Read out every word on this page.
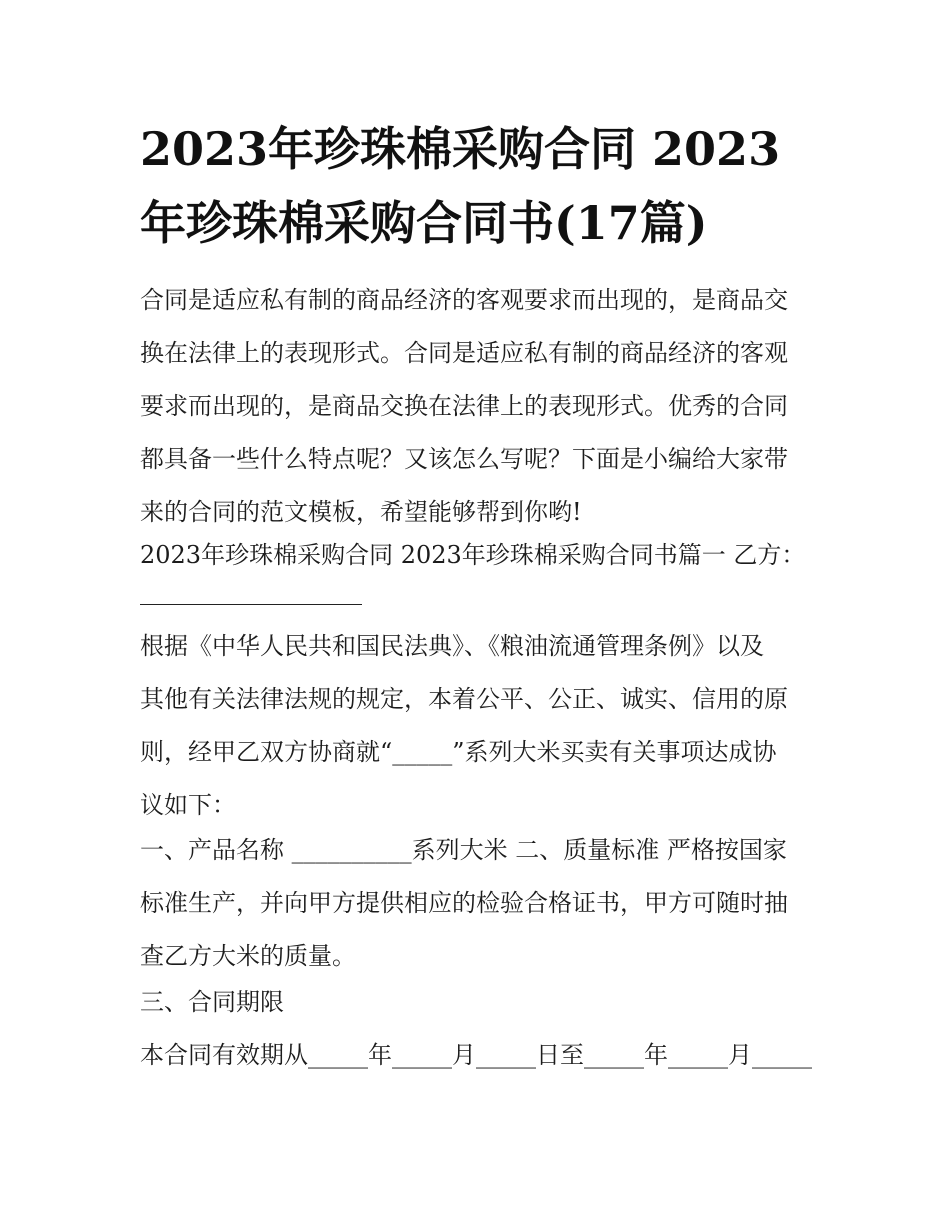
2023年珍珠棉采购合同 2023
年珍珠棉采购合同书(17篇)
合同是适应私有制的商品经济的客观要求而出现的，是商品交
换在法律上的表现形式。合同是适应私有制的商品经济的客观
要求而出现的，是商品交换在法律上的表现形式。优秀的合同
都具备一些什么特点呢？又该怎么写呢？下面是小编给大家带
来的合同的范文模板，希望能够帮到你哟!
2023年珍珠棉采购合同 2023年珍珠棉采购合同书篇一 乙方：
根据《中华人民共和国民法典》、《粮油流通管理条例》以及
其他有关法律法规的规定，本着公平、公正、诚实、信用的原
则，经甲乙双方协商就“_____”系列大米买卖有关事项达成协
议如下：
一、产品名称 __________系列大米 二、质量标准 严格按国家
标准生产，并向甲方提供相应的检验合格证书，甲方可随时抽
查乙方大米的质量。
三、合同期限
本合同有效期从_____年_____月_____日至_____年_____月_____
